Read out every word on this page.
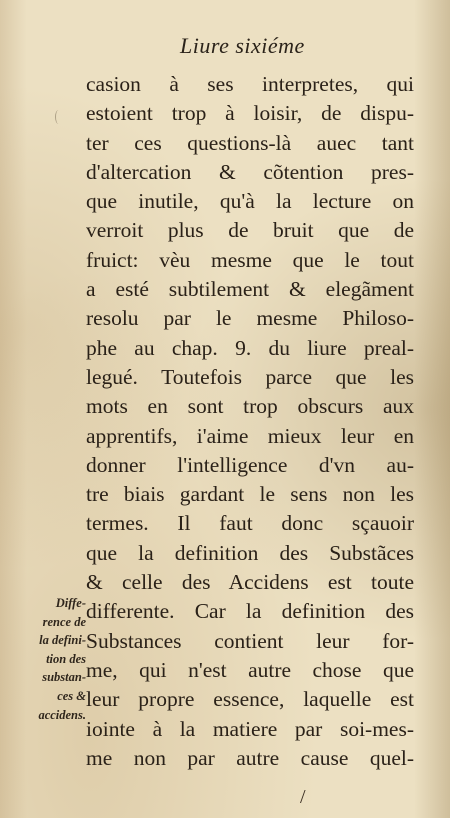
Liure sixiéme
casion à ses interpretes, qui
estoient trop à loisir, de dispu-
ter ces questions-là auec tant
d'altercation & cõtention pres-
que inutile, qu'à la lecture on
verroit plus de bruit que de
fruict: vèu mesme que le tout
a esté subtilement & elegãment
resolu par le mesme Philoso-
phe au chap. 9. du liure preal-
legué. Toutefois parce que les
mots en sont trop obscurs aux
apprentifs, i'aime mieux leur en
donner l'intelligence d'vn au-
tre biais gardant le sens non les
termes. Il faut donc sçauoir
que la definition des Substãces
& celle des Accidens est toute
differente. Car la definition des
Substances contient leur for-
me, qui n'est autre chose que
leur propre essence, laquelle est
iointe à la matiere par soi-mes-
me non par autre cause quel-
Diffe-
rence de
la defini-
tion des
substan-
ces &
accidens.
/
